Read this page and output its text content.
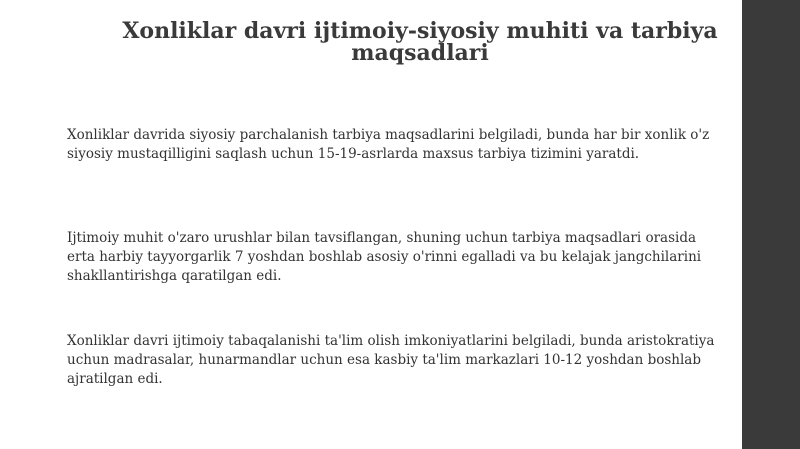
Xonliklar davri ijtimoiy-siyosiy muhiti va tarbiya
maqsadlari

Xonliklar davrida siyosiy parchalanish tarbiya maqsadlarini belgiladi, bunda har bir xonlik o'z
siyosiy mustaqilligini saqlash uchun 15-19-asrlarda maxsus tarbiya tizimini yaratdi.

Ijtimoiy muhit o'zaro urushlar bilan tavsiflangan, shuning uchun tarbiya maqsadlari orasida
erta harbiy tayyorgarlik 7 yoshdan boshlab asosiy o'rinni egalladi va bu kelajak jangchilarini
shakllantirishga qaratilgan edi.

Xonliklar davri ijtimoiy tabaqalanishi ta'lim olish imkoniyatlarini belgiladi, bunda aristokratiya
uchun madrasalar, hunarmandlar uchun esa kasbiy ta'lim markazlari 10-12 yoshdan boshlab
ajratilgan edi.
